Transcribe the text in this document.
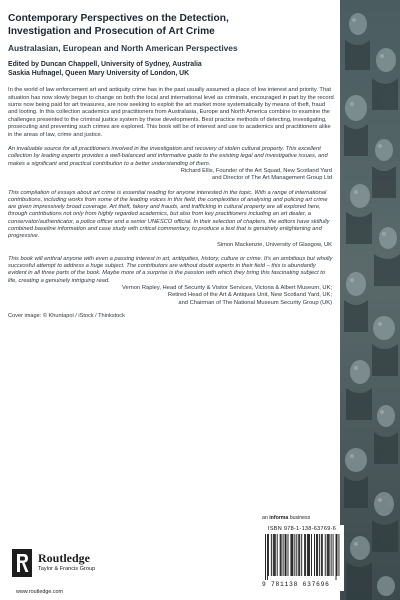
Contemporary Perspectives on the Detection,
Investigation and Prosecution of Art Crime
Australasian, European and North American Perspectives
Edited by Duncan Chappell, University of Sydney, Australia
Saskia Hufnagel, Queen Mary University of London, UK

In the world of law enforcement art and antiquity crime has in the past usually assumed a place of low interest and priority. That situation has now slowly begun to change on both the local and international level as criminals, encouraged in part by the record sums now being paid for art treasures, are now seeking to exploit the art market more systematically by means of theft, fraud and looting. In this collection academics and practitioners from Australasia, Europe and North America combine to examine the challenges presented to the criminal justice system by these developments. Best practice methods of detecting, investigating, prosecuting and preventing such crimes are explored. This book will be of interest and use to academics and practitioners alike in the areas of law, crime and justice.

An invaluable source for all practitioners involved in the investigation and recovery of stolen cultural property. This excellent collection by leading experts provides a well-balanced and informative guide to the existing legal and investigative issues, and makes a significant and practical contribution to a better understanding of them.

Richard Ellis, Founder of the Art Squad, New Scotland Yard
and Director of The Art Management Group Ltd

This compilation of essays about art crime is essential reading for anyone interested in the topic. With a range of international contributions, including works from some of the leading voices in this field, the complexities of analysing and policing art crime are given impressively broad coverage. Art theft, fakery and frauds, and trafficking in cultural property are all explored here, through contributions not only from highly regarded academics, but also from key practitioners including an art dealer, a conservator/authenticator, a police officer and a senior UNESCO official. In their selection of chapters, the editors have skilfully combined baseline information and case study with critical commentary, to produce a text that is genuinely enlightening and progressive.

Simon Mackenzie, University of Glasgow, UK

This book will enthral anyone with even a passing interest in art, antiquities, history, culture or crime. It's an ambitious but wholly successful attempt to address a huge subject. The contributors are without doubt experts in their field – this is abundantly evident in all three parts of the book. Maybe more of a surprise is the passion with which they bring this fascinating subject to life, creating a genuinely intriguing read.

Vernon Rapley, Head of Security & Visitor Services, Victoria & Albert Museum, UK;
Retired Head of the Art & Antiques Unit, New Scotland Yard, UK;
and Chairman of The National Museum Security Group (UK)
Cover image: © Khuntapol / iStock / Thinkstock
Routledge
Taylor & Francis Group
www.routledge.com
an informa business
ISBN 978-1-138-63769-6
9 781138 637696
